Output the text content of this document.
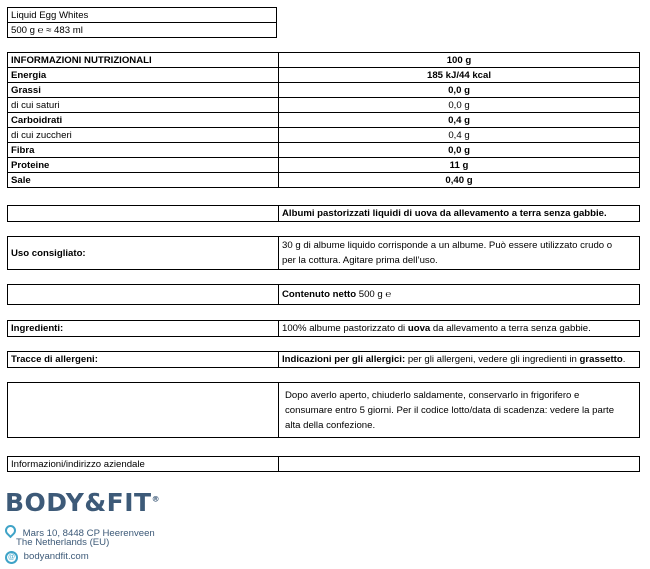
Liquid Egg Whites
500 g ℮ ≈ 483 ml
INFORMAZIONI NUTRIZIONALI	100 g
Energia	185 kJ/44 kcal
Grassi	0,0 g
di cui saturi	0,0 g
Carboidrati	0,4 g
di cui zuccheri	0,4 g
Fibra	0,0 g
Proteine	11 g
Sale	0,40 g
	Albumi pastorizzati liquidi di uova da allevamento a terra senza gabbie.
Uso consigliato:	
30 g di albume liquido corrisponde a un albume. Può essere utilizzato crudo o
per la cottura. Agitare prima dell’uso.
	Contenuto netto 500 g ℮
Ingredienti:	100% albume pastorizzato di uova da allevamento a terra senza gabbie.
Tracce di allergeni:	Indicazioni per gli allergici: per gli allergeni, vedere gli ingredienti in grassetto.

Dopo averlo aperto, chiuderlo saldamente, conservarlo in frigorifero e
consumare entro 5 giorni. Per il codice lotto/data di scadenza: vedere la parte
alta della confezione.
Informazioni/indirizzo aziendale	
BODY&FIT®
Mars 10, 8448 CP Heerenveen
The Netherlands (EU)
@ bodyandfit.com
